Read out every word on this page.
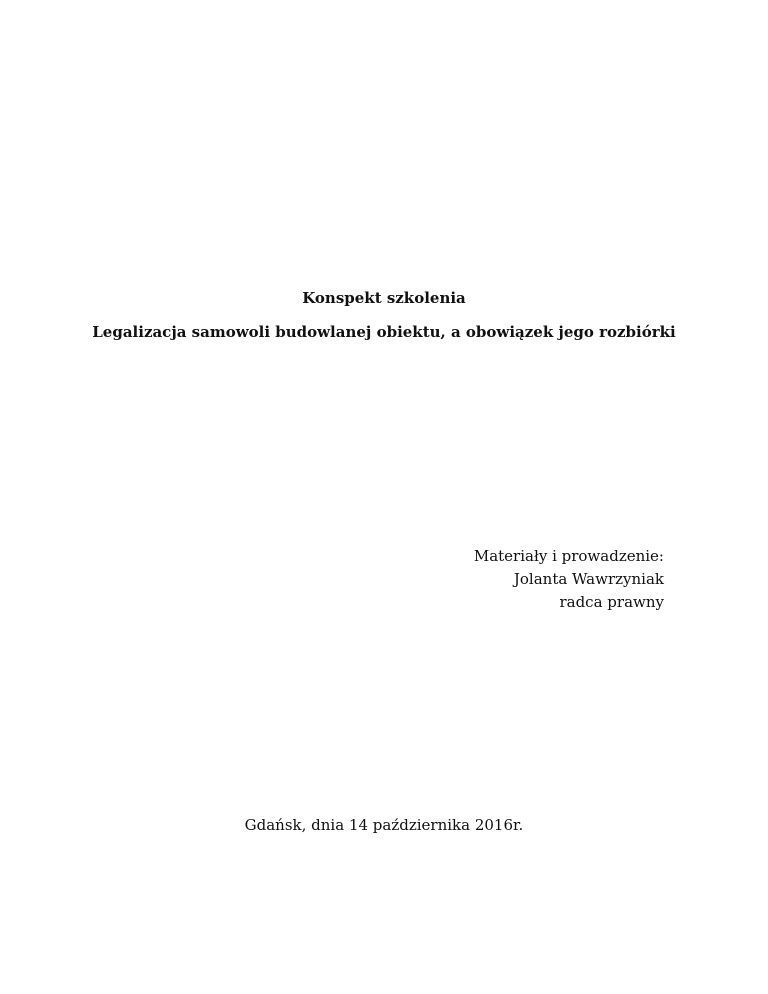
Konspekt szkolenia

Legalizacja samowoli budowlanej obiektu, a obowiązek jego rozbiórki

Materiały i prowadzenie:
Jolanta Wawrzyniak
radca prawny
Gdańsk, dnia 14 października 2016r.
